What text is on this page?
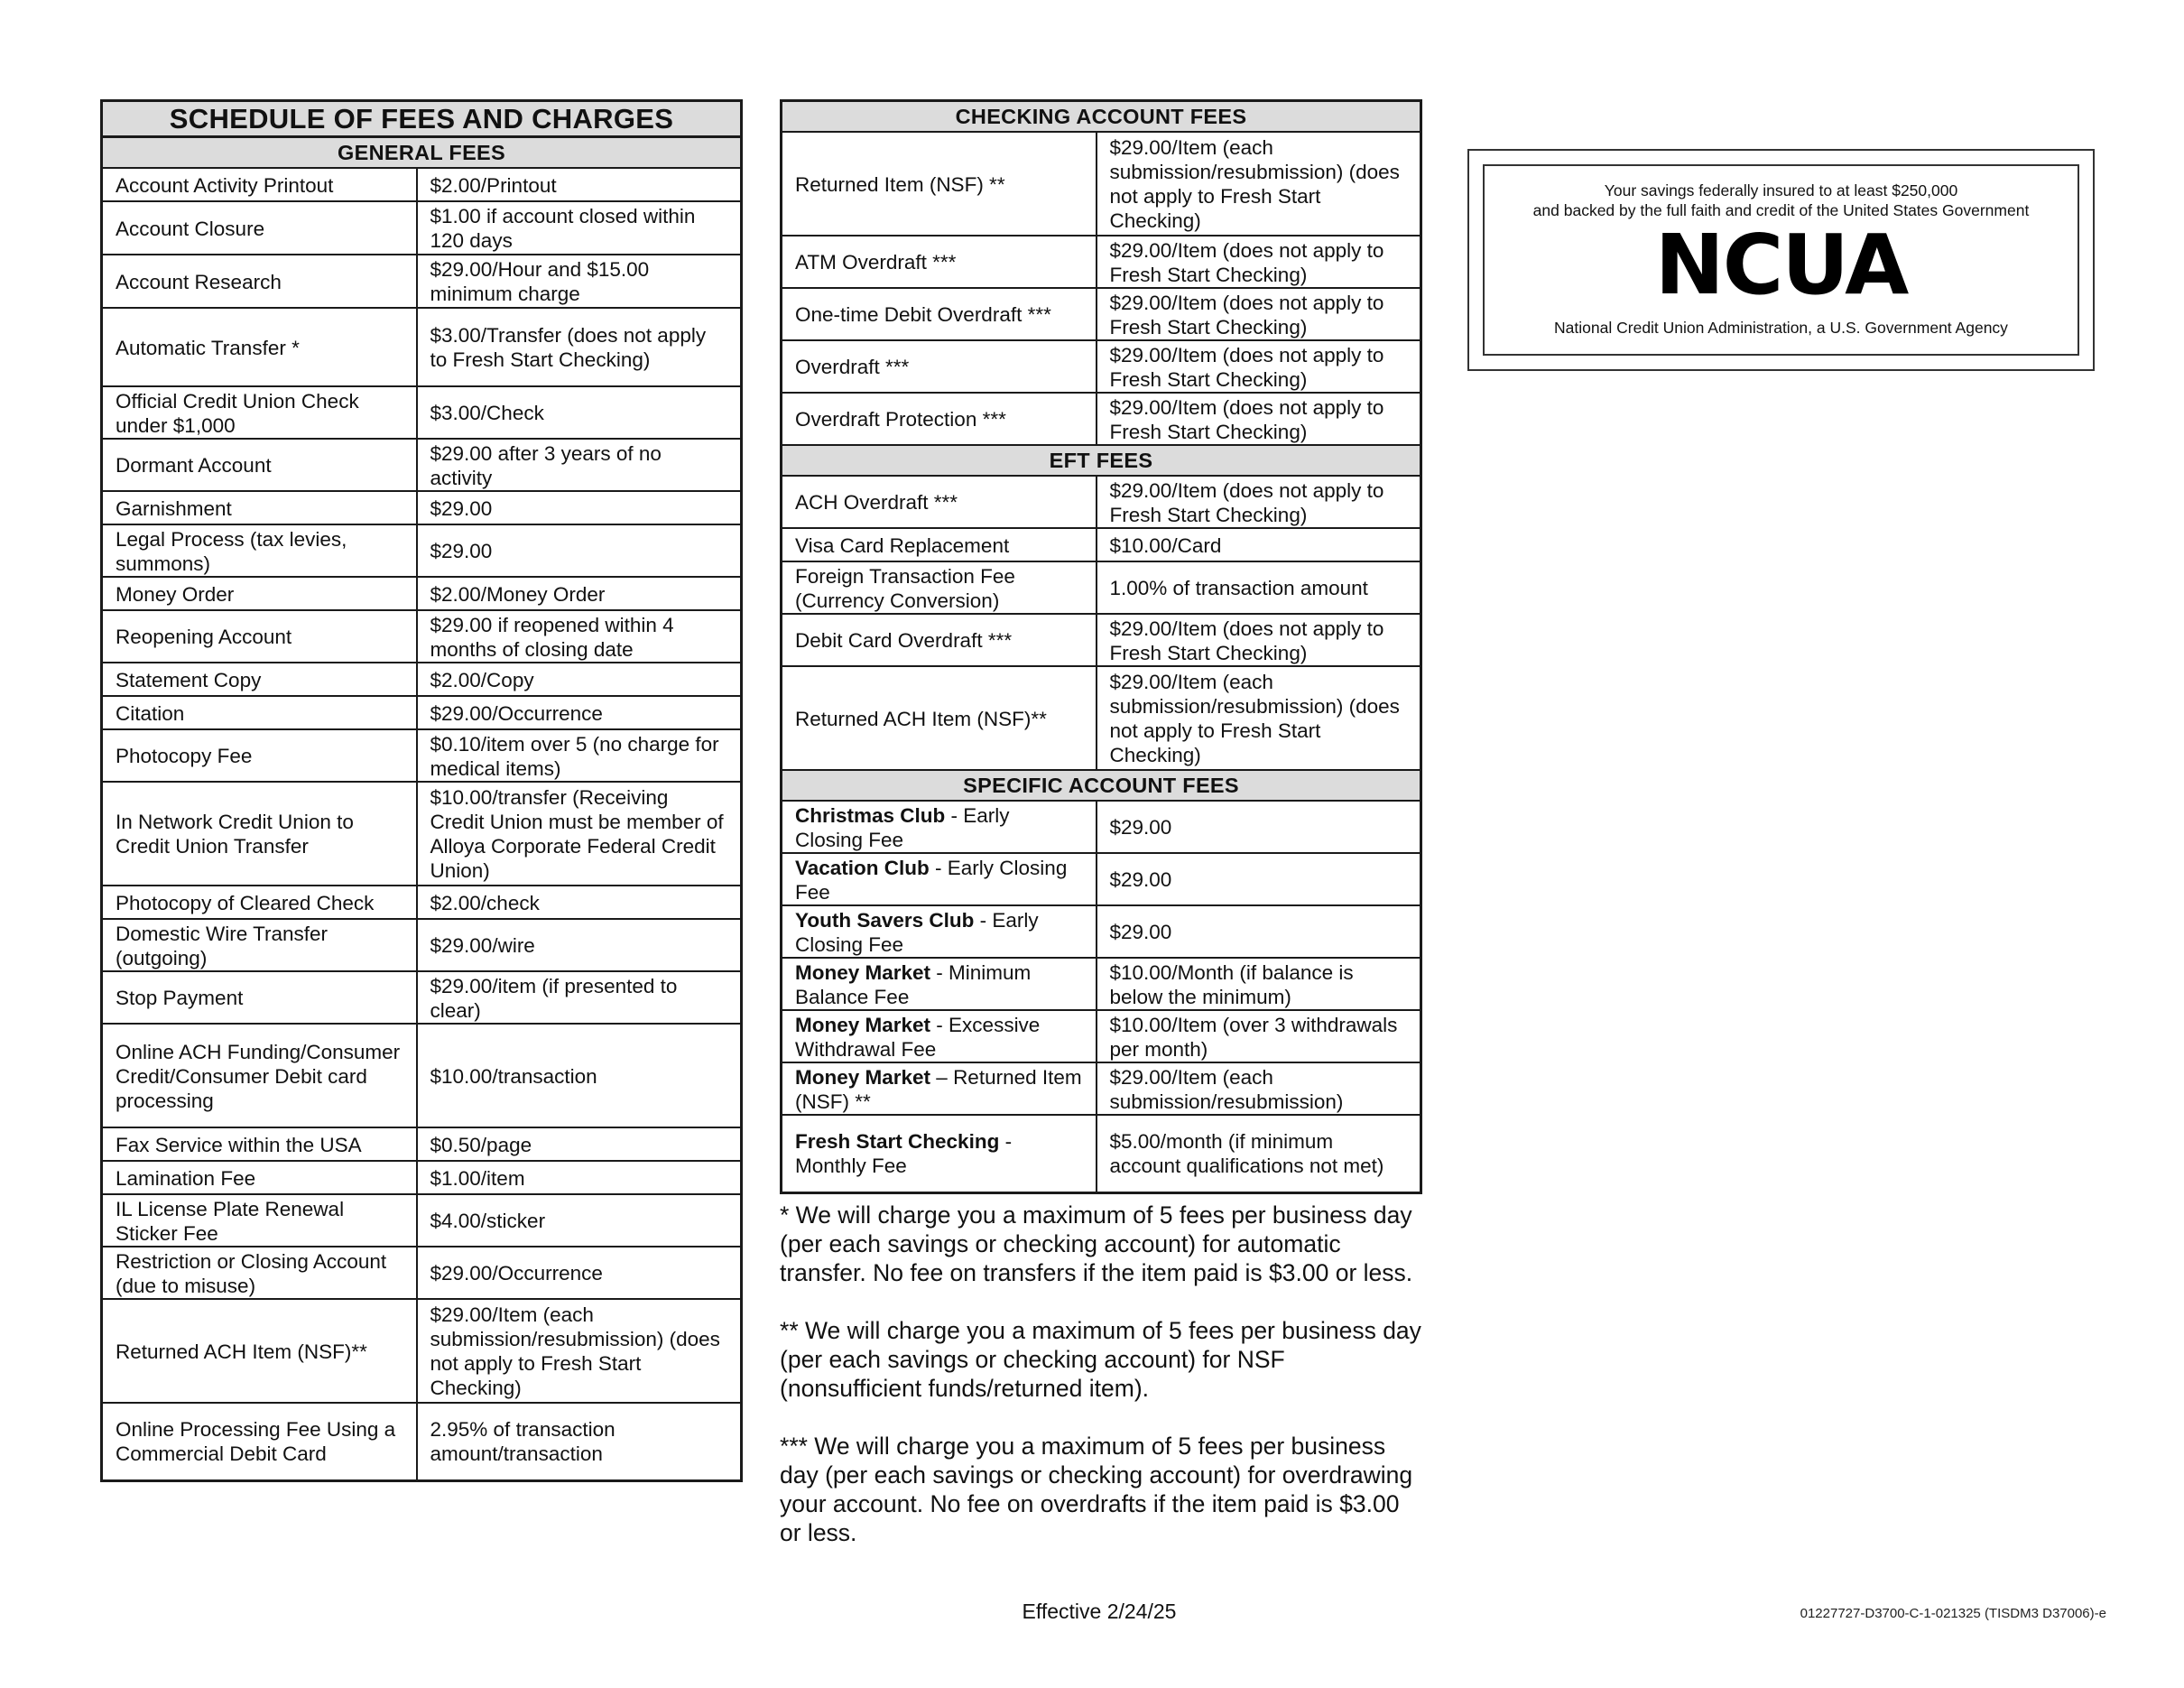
SCHEDULE OF FEES AND CHARGES	
GENERAL FEES	
Account Activity Printout	$2.00/Printout
Account Closure	$1.00 if account closed within 120 days
Account Research	$29.00/Hour and $15.00 minimum charge
Automatic Transfer *	$3.00/Transfer (does not apply to Fresh Start Checking)
Official Credit Union Check under $1,000	$3.00/Check
Dormant Account	$29.00 after 3 years of no activity
Garnishment	$29.00
Legal Process (tax levies, summons)	$29.00
Money Order	$2.00/Money Order
Reopening Account	$29.00 if reopened within 4 months of closing date
Statement Copy	$2.00/Copy
Citation	$29.00/Occurrence
Photocopy Fee	$0.10/item over 5 (no charge for medical items)
In Network Credit Union to Credit Union Transfer	$10.00/transfer (Receiving Credit Union must be member of Alloya Corporate Federal Credit Union)
Photocopy of Cleared Check	$2.00/check
Domestic Wire Transfer (outgoing)	$29.00/wire
Stop Payment	$29.00/item (if presented to clear)
Online ACH Funding/Consumer Credit/Consumer Debit card processing	$10.00/transaction
Fax Service within the USA	$0.50/page
Lamination Fee	$1.00/item
IL License Plate Renewal Sticker Fee	$4.00/sticker
Restriction or Closing Account (due to misuse)	$29.00/Occurrence
Returned ACH Item (NSF)**	$29.00/Item (each submission/resubmission) (does not apply to Fresh Start Checking)
Online Processing Fee Using a Commercial Debit Card	2.95% of transaction amount/transaction
CHECKING ACCOUNT FEES	
Returned Item (NSF) **	$29.00/Item (each submission/resubmission) (does not apply to Fresh Start Checking)
ATM Overdraft ***	$29.00/Item (does not apply to Fresh Start Checking)
One-time Debit Overdraft ***	$29.00/Item (does not apply to Fresh Start Checking)
Overdraft ***	$29.00/Item (does not apply to Fresh Start Checking)
Overdraft Protection ***	$29.00/Item (does not apply to Fresh Start Checking)
EFT FEES	
ACH Overdraft ***	$29.00/Item (does not apply to Fresh Start Checking)
Visa Card Replacement	$10.00/Card
Foreign Transaction Fee (Currency Conversion)	1.00% of transaction amount
Debit Card Overdraft ***	$29.00/Item (does not apply to Fresh Start Checking)
Returned ACH Item (NSF)**	$29.00/Item (each submission/resubmission) (does not apply to Fresh Start Checking)
SPECIFIC ACCOUNT FEES	
Christmas Club - Early Closing Fee	$29.00
Vacation Club - Early Closing Fee	$29.00
Youth Savers Club - Early Closing Fee	$29.00
Money Market - Minimum Balance Fee	$10.00/Month (if balance is below the minimum)
Money Market - Excessive Withdrawal Fee	$10.00/Item (over 3 withdrawals per month)
Money Market – Returned Item (NSF) **	$29.00/Item (each submission/resubmission)
Fresh Start Checking - Monthly Fee	$5.00/month (if minimum account qualifications not met)

* We will charge you a maximum of 5 fees per business day (per each savings or checking account) for automatic transfer. No fee on transfers if the item paid is $3.00 or less.

** We will charge you a maximum of 5 fees per business day (per each savings or checking account) for NSF (nonsufficient funds/returned item).

*** We will charge you a maximum of 5 fees per business day (per each savings or checking account) for overdrawing your account. No fee on overdrafts if the item paid is $3.00 or less.

Effective 2/24/25	01227727-D3700-C-1-021325 (TISDM3 D37006)-e
Your savings federally insured to at least $250,000
and backed by the full faith and credit of the United States Government
NCUA
National Credit Union Administration, a U.S. Government Agency
